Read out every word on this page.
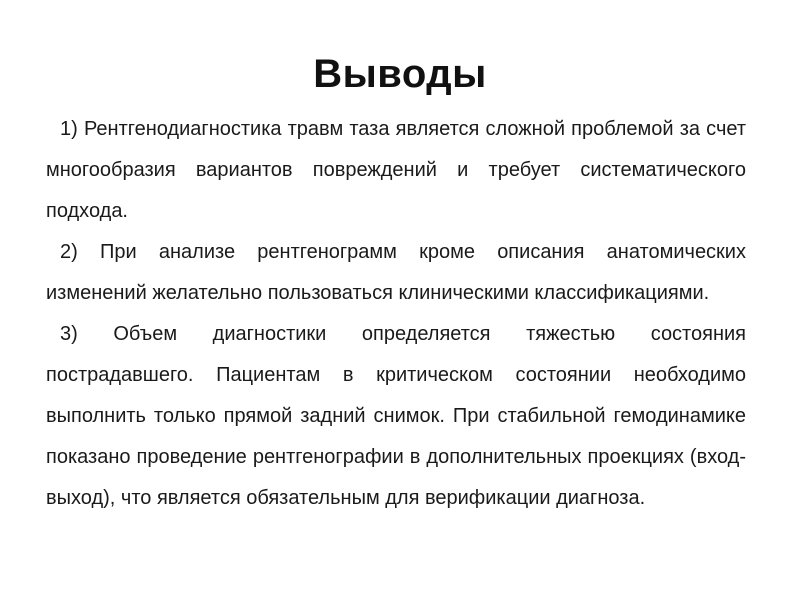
Выводы

1) Рентгенодиагностика травм таза является сложной проблемой за счет многообразия вариантов повреждений и требует систематического подхода.

2) При анализе рентгенограмм кроме описания анатомических изменений желательно пользоваться клиническими классификациями.

3) Объем диагностики определяется тяжестью состояния пострадавшего. Пациентам в критическом состоянии необходимо выполнить только прямой задний снимок. При стабильной гемодинамике показано проведение рентгенографии в дополнительных проекциях (вход-выход), что является обязательным для верификации диагноза.
